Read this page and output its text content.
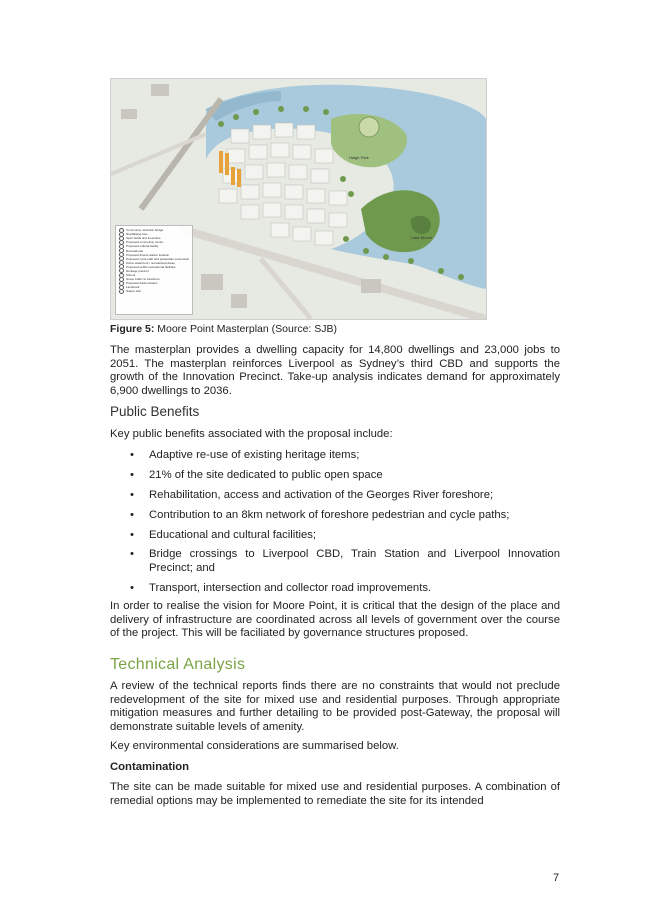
Haigh Park
Lake Moore
Community vehicular bridge
Revitalising loss
Sport fields and amenities
Proposed community centre
Proposed cultural facility
Recreational
Proposed fitness station location
Proposed cycle path and pedestrian connection
Active waterfront / recreational areas
Proposed public recreational facilities
Heritage precinct
School
Green buffer to foreshore
Proposed trade location
Landmark
Nature trail
Figure 5: Moore Point Masterplan (Source: SJB)
The masterplan provides a dwelling capacity for 14,800 dwellings and 23,000 jobs to 2051. The masterplan reinforces Liverpool as Sydney’s third CBD and supports the growth of the Innovation Precinct. Take-up analysis indicates demand for approximately 6,900 dwellings to 2036.
Public Benefits
Key public benefits associated with the proposal include:
• Adaptive re-use of existing heritage items;
• 21% of the site dedicated to public open space
• Rehabilitation, access and activation of the Georges River foreshore;
• Contribution to an 8km network of foreshore pedestrian and cycle paths;
• Educational and cultural facilities;
• Bridge crossings to Liverpool CBD, Train Station and Liverpool Innovation Precinct; and
• Transport, intersection and collector road improvements.
In order to realise the vision for Moore Point, it is critical that the design of the place and delivery of infrastructure are coordinated across all levels of government over the course of the project. This will be faciliated by governance structures proposed.
Technical Analysis
A review of the technical reports finds there are no constraints that would not preclude redevelopment of the site for mixed use and residential purposes. Through appropriate mitigation measures and further detailing to be provided post-Gateway, the proposal will demonstrate suitable levels of amenity.
Key environmental considerations are summarised below.
Contamination
The site can be made suitable for mixed use and residential purposes. A combination of remedial options may be implemented to remediate the site for its intended
7
